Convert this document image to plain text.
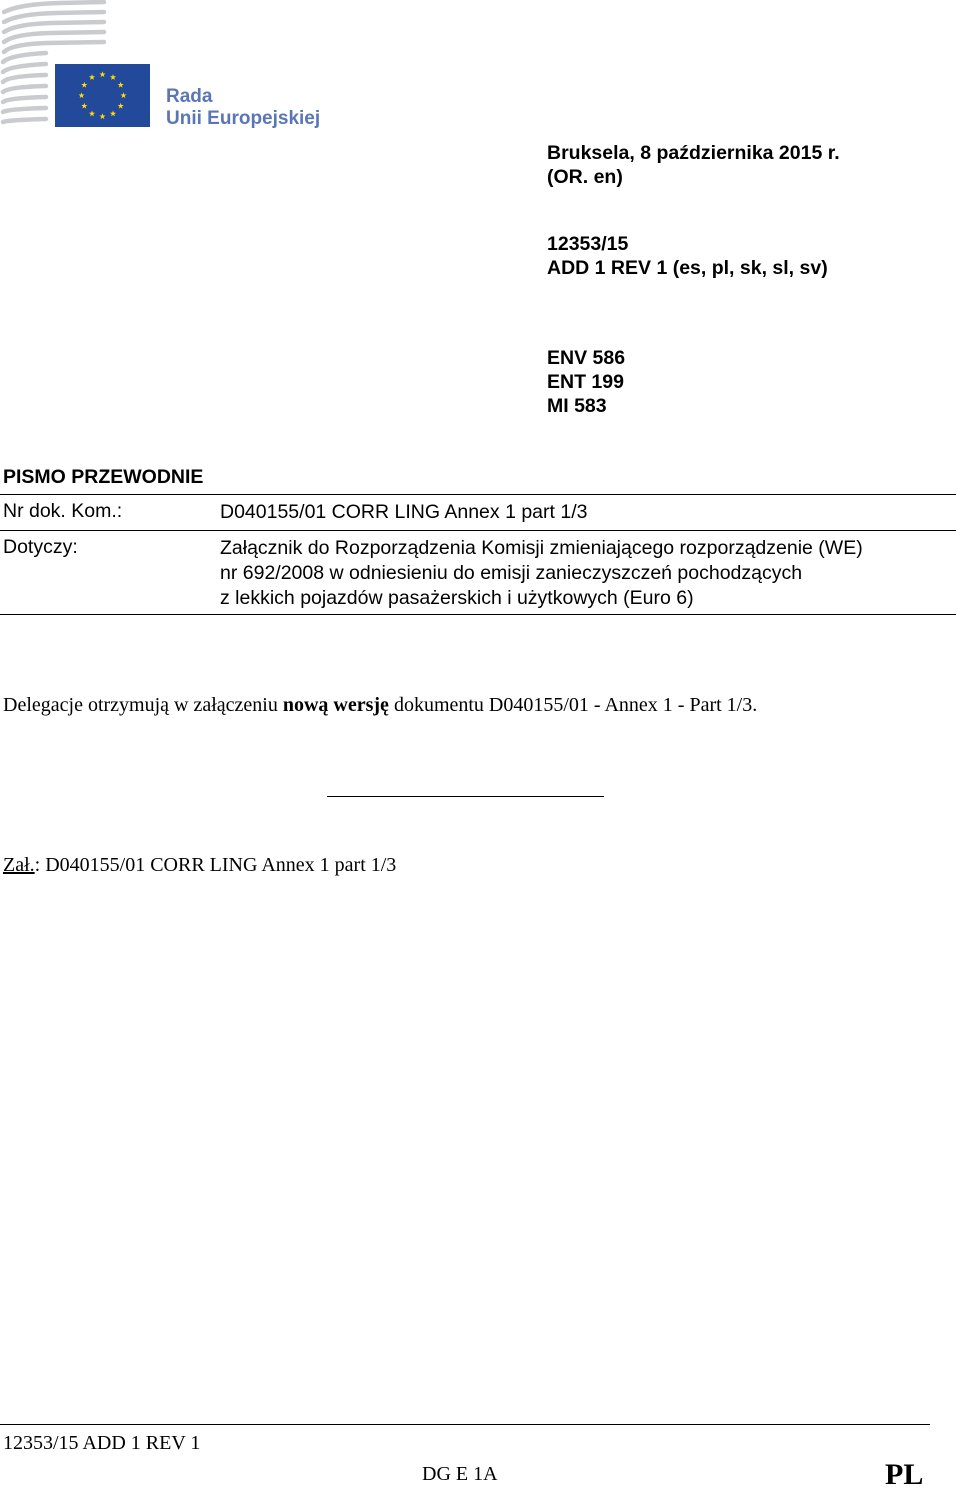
Rada
Unii Europejskiej
Bruksela, 8 października 2015 r.
(OR. en)
12353/15
ADD 1 REV 1 (es, pl, sk, sl, sv)
ENV 586
ENT 199
MI 583
PISMO PRZEWODNIE
Nr dok. Kom.:	D040155/01 CORR LING Annex 1 part 1/3
Dotyczy:	Załącznik do Rozporządzenia Komisji zmieniającego rozporządzenie (WE)
nr 692/2008 w odniesieniu do emisji zanieczyszczeń pochodzących
z lekkich pojazdów pasażerskich i użytkowych (Euro 6)
Delegacje otrzymują w załączeniu nową wersję dokumentu D040155/01 - Annex 1 - Part 1/3.
Zał.: D040155/01 CORR LING Annex 1 part 1/3
12353/15 ADD 1 REV 1
DG E 1A	PL
